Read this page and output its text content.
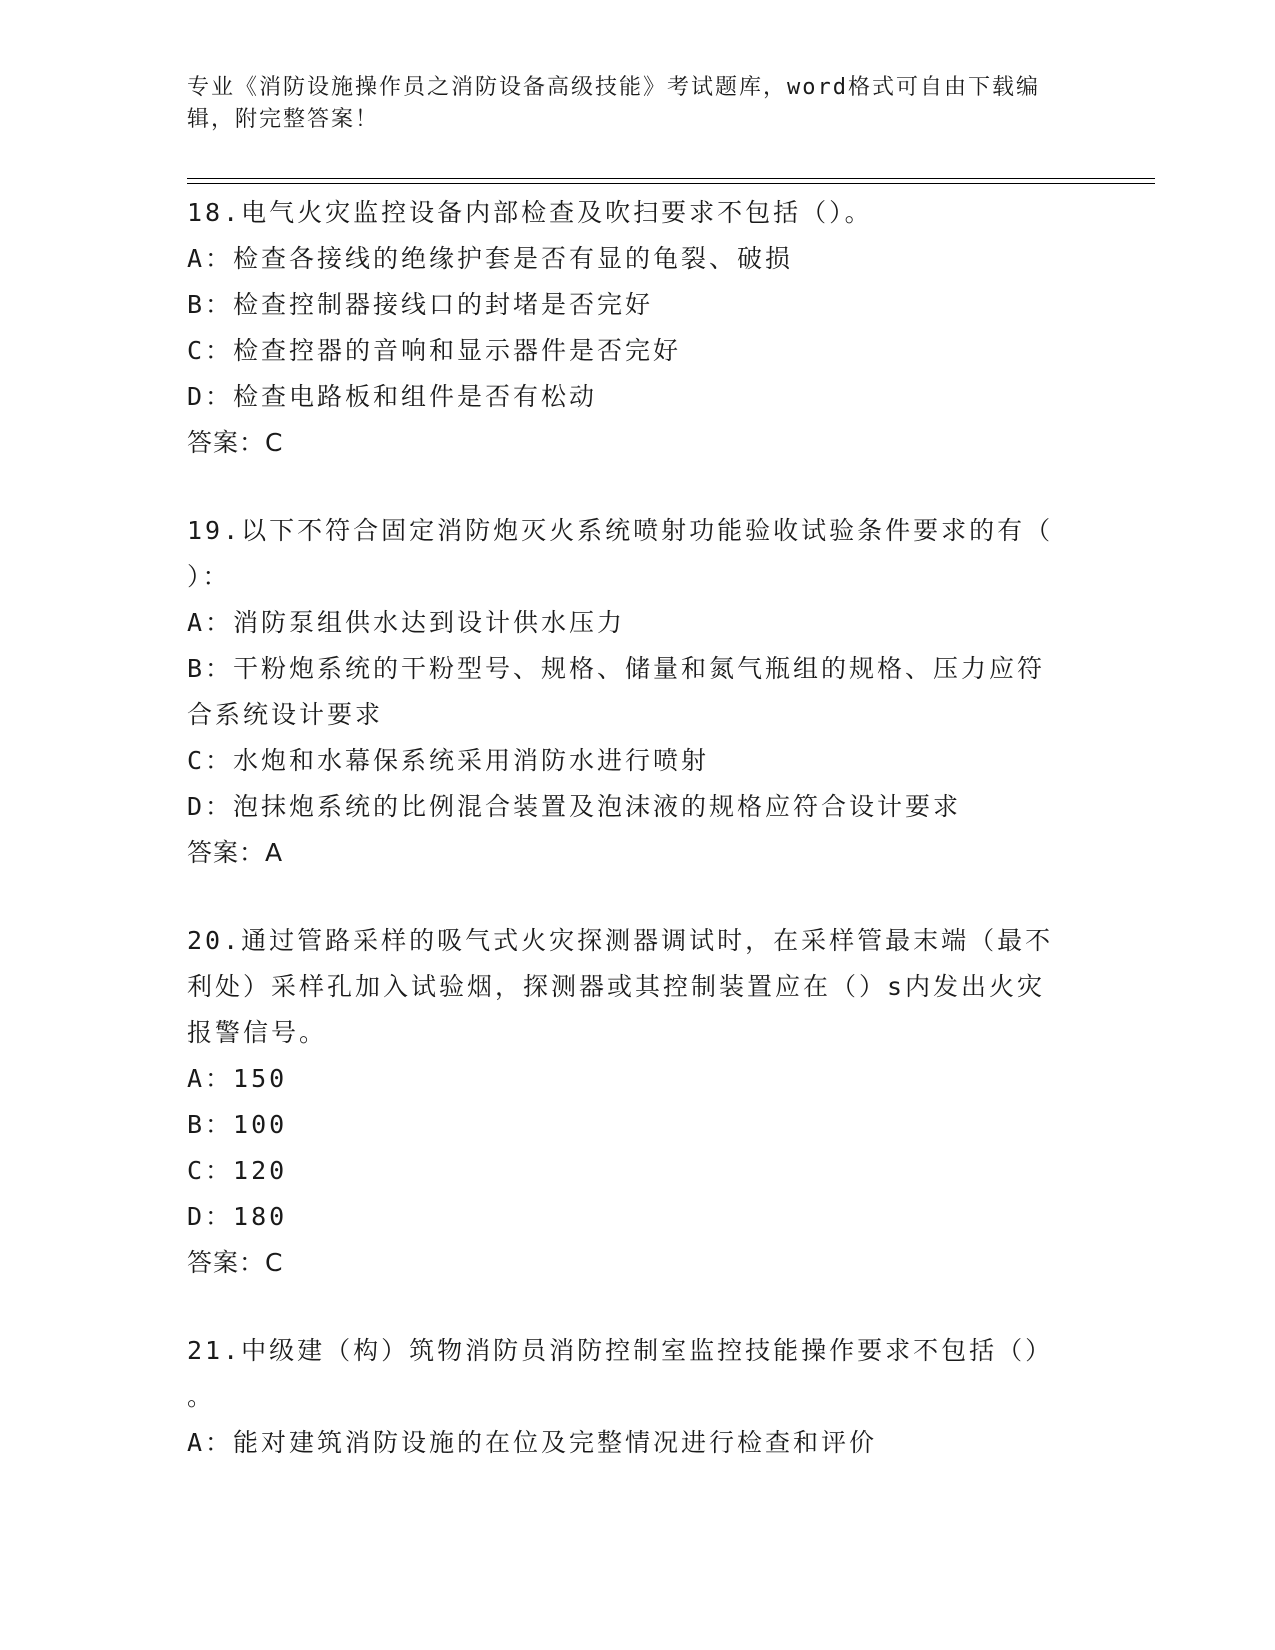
专业《消防设施操作员之消防设备高级技能》考试题库，word格式可自由下载编
辑，附完整答案！
18.电气火灾监控设备内部检查及吹扫要求不包括（）。
A：检查各接线的绝缘护套是否有显的龟裂、破损
B：检查控制器接线口的封堵是否完好
C：检查控器的音响和显示器件是否完好
D：检查电路板和组件是否有松动
答案：C
19.以下不符合固定消防炮灭火系统喷射功能验收试验条件要求的有（
）：
A：消防泵组供水达到设计供水压力
B：干粉炮系统的干粉型号、规格、储量和氮气瓶组的规格、压力应符
合系统设计要求
C：水炮和水幕保系统采用消防水进行喷射
D：泡抹炮系统的比例混合装置及泡沫液的规格应符合设计要求
答案：A
20.通过管路采样的吸气式火灾探测器调试时，在采样管最末端（最不
利处）采样孔加入试验烟，探测器或其控制装置应在（）s内发出火灾
报警信号。
A：150
B：100
C：120
D：180
答案：C
21.中级建（构）筑物消防员消防控制室监控技能操作要求不包括（）
。
A：能对建筑消防设施的在位及完整情况进行检查和评价
